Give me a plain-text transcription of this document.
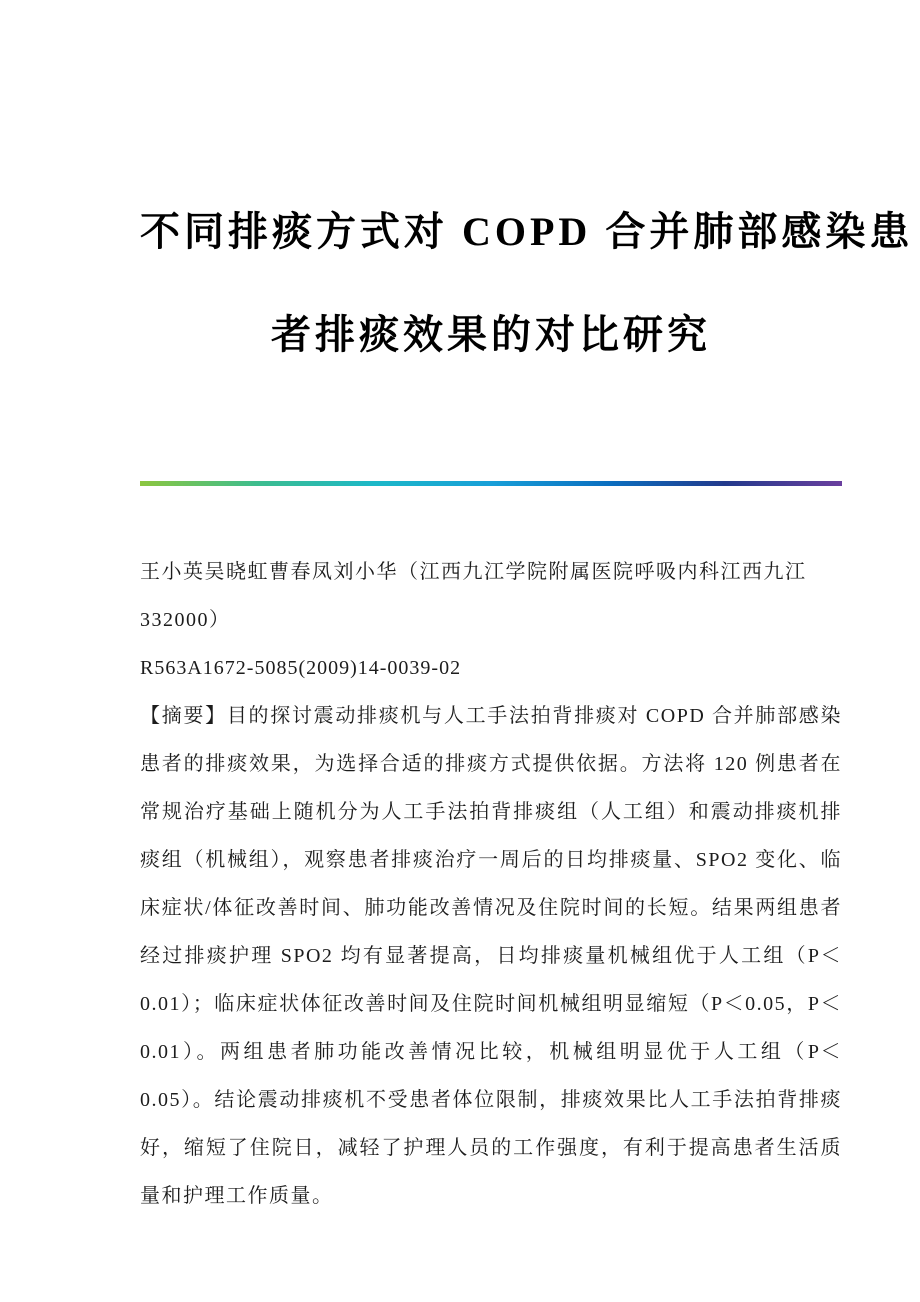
不同排痰方式对 COPD 合并肺部感染患
者排痰效果的对比研究

王小英吴晓虹曹春凤刘小华（江西九江学院附属医院呼吸内科江西九江
332000）

R563A1672-5085(2009)14-0039-02

【摘要】目的探讨震动排痰机与人工手法拍背排痰对 COPD 合并肺部感染患者的排痰效果，为选择合适的排痰方式提供依据。方法将 120 例患者在常规治疗基础上随机分为人工手法拍背排痰组（人工组）和震动排痰机排痰组（机械组），观察患者排痰治疗一周后的日均排痰量、SPO2 变化、临床症状/体征改善时间、肺功能改善情况及住院时间的长短。结果两组患者经过排痰护理 SPO2 均有显著提高，日均排痰量机械组优于人工组（P＜0.01）；临床症状体征改善时间及住院时间机械组明显缩短（P＜0.05，P＜0.01）。两组患者肺功能改善情况比较，机械组明显优于人工组（P＜0.05）。结论震动排痰机不受患者体位限制，排痰效果比人工手法拍背排痰好，缩短了住院日，减轻了护理人员的工作强度，有利于提高患者生活质量和护理工作质量。
